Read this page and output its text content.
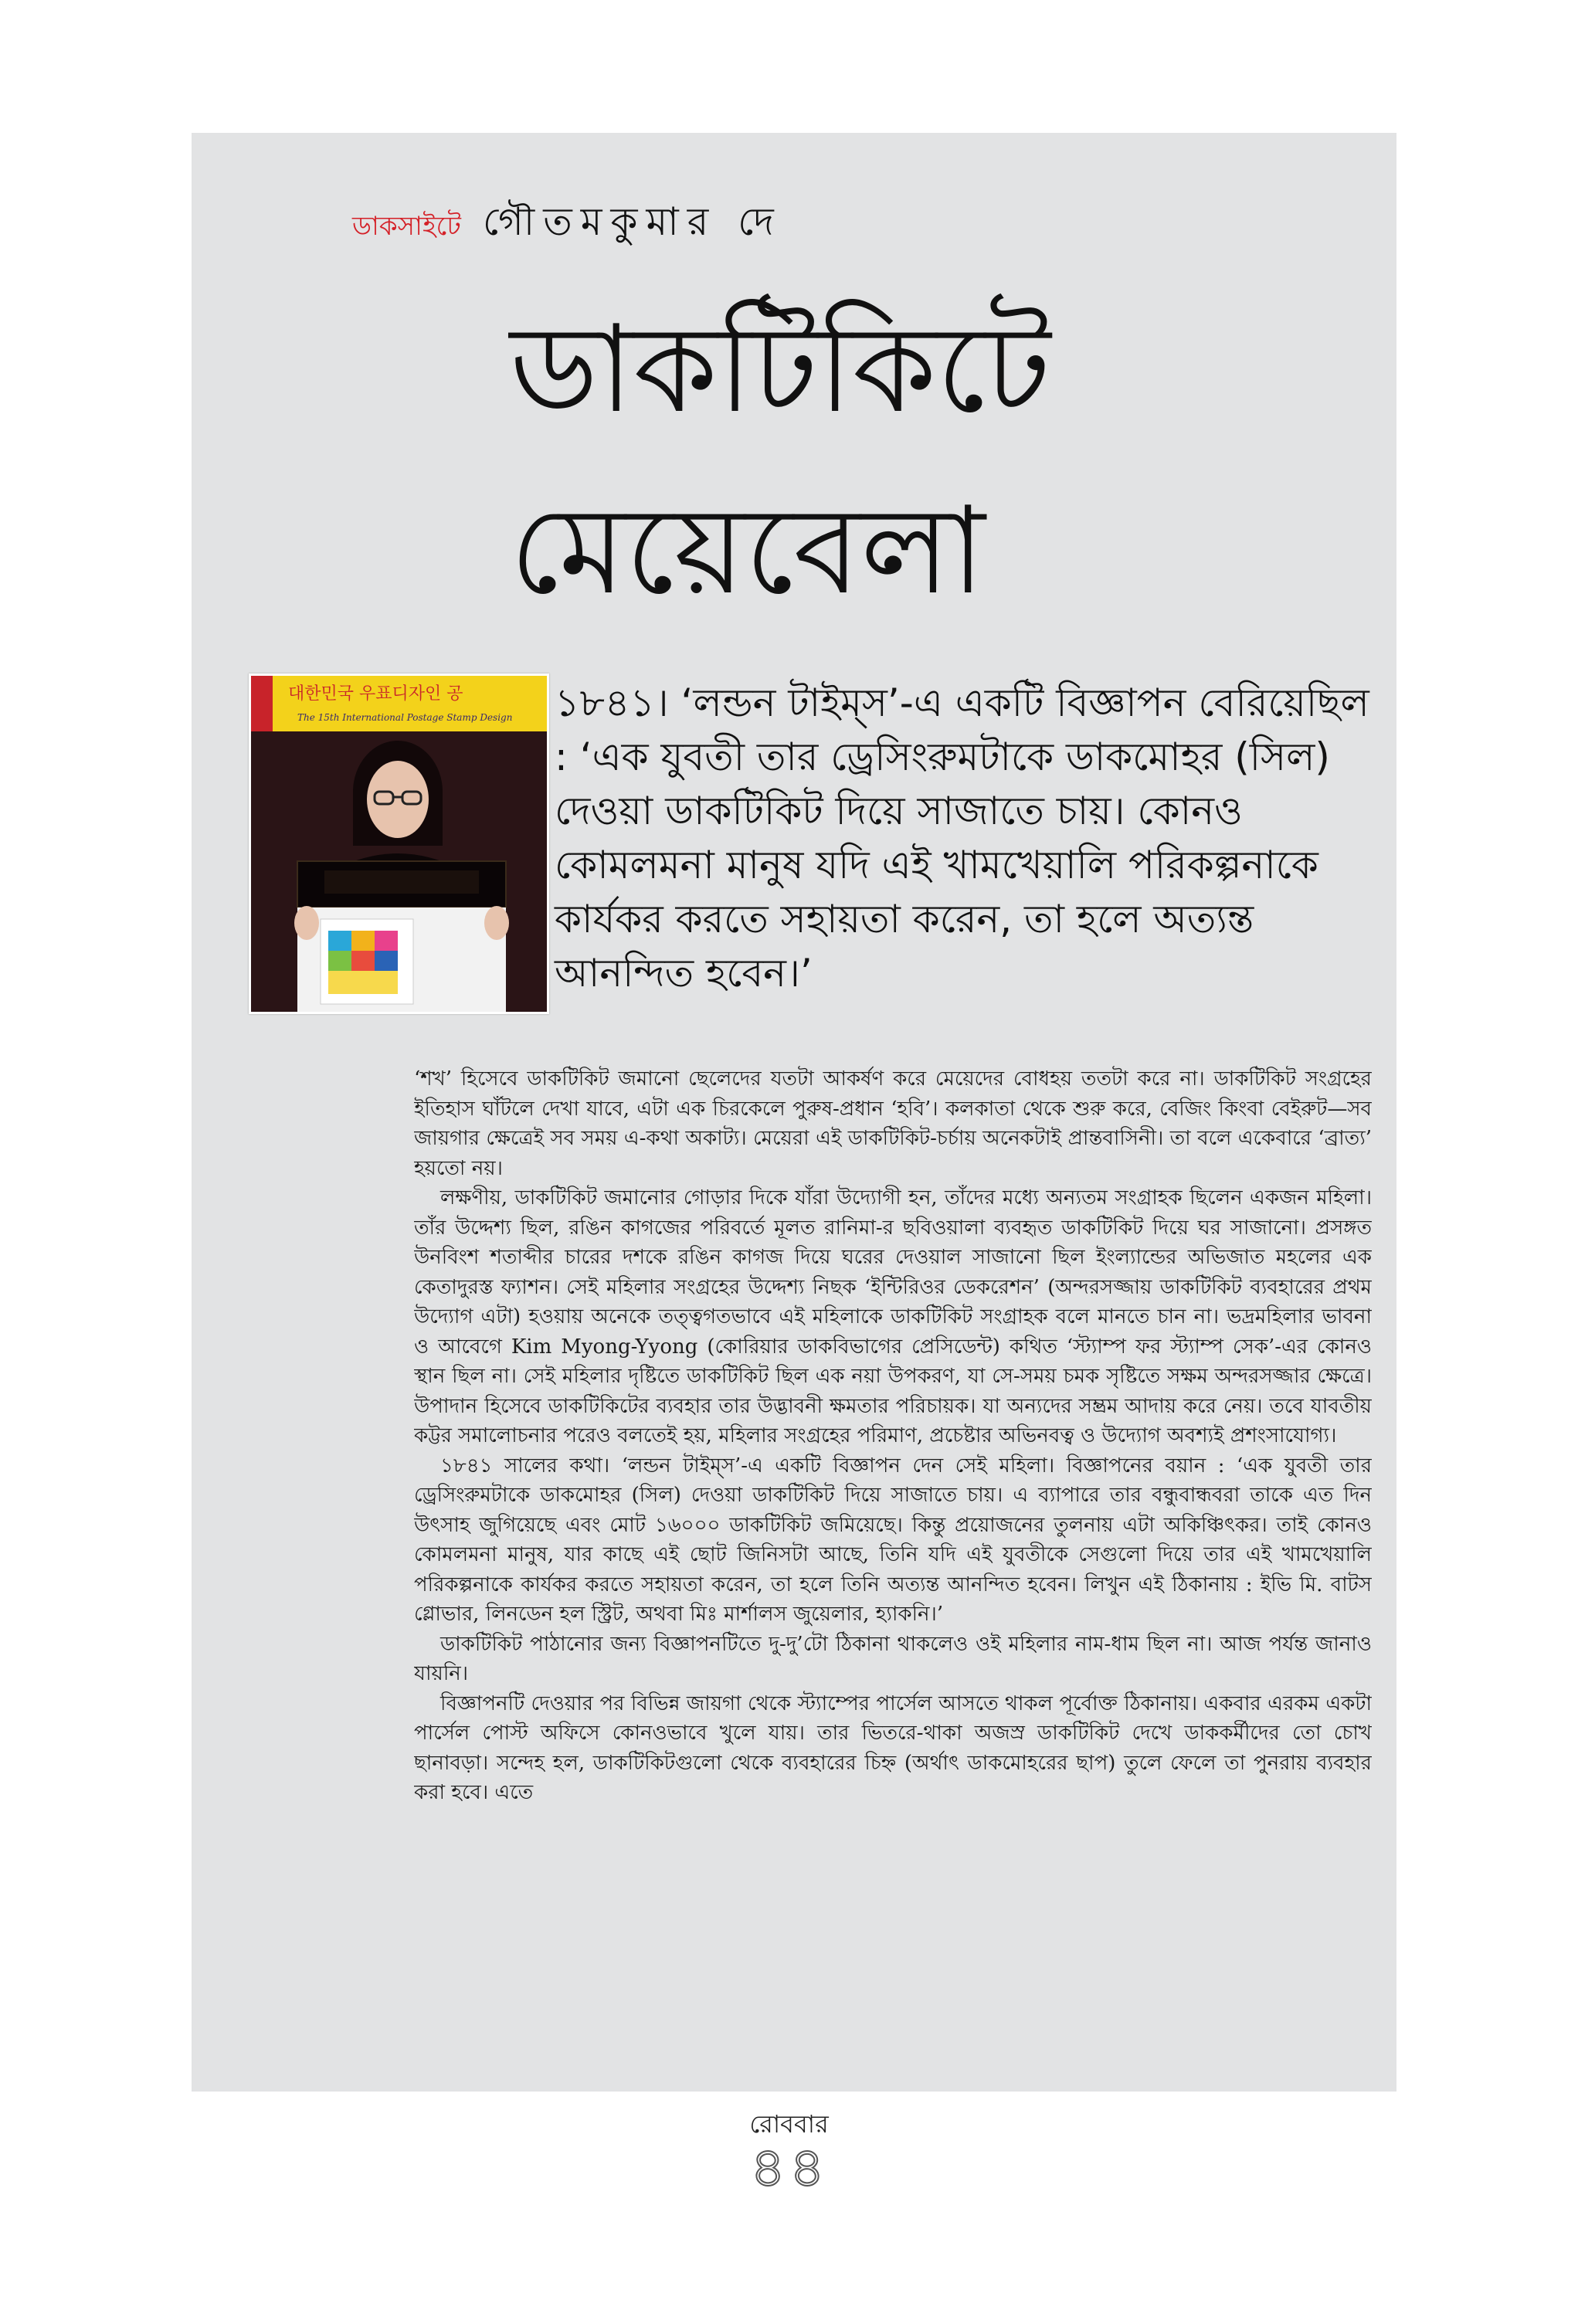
ডাকসাইটে গৌতমকুমার দে
ডাকটিকিটে
মেয়েবেলা
대한민국 우표디자인 공
The 15th International Postage Stamp Design ১৮৪১। ‘লন্ডন টাইম্‌স’-এ একটি বিজ্ঞাপন বেরিয়েছিল : ‘এক যুবতী তার ড্রেসিংরুমটাকে ডাকমোহর (সিল) দেওয়া ডাকটিকিট দিয়ে সাজাতে চায়। কোনও কোমলমনা মানুষ যদি এই খামখেয়ালি পরিকল্পনাকে কার্যকর করতে সহায়তা করেন, তা হলে অত্যন্ত আনন্দিত হবেন।’

‘শখ’ হিসেবে ডাকটিকিট জমানো ছেলেদের যতটা আকর্ষণ করে মেয়েদের বোধহয় ততটা করে না। ডাকটিকিট সংগ্রহের ইতিহাস ঘাঁটলে দেখা যাবে, এটা এক চিরকেলে পুরুষ-প্রধান ‘হবি’। কলকাতা থেকে শুরু করে, বেজিং কিংবা বেইরুট—সব জায়গার ক্ষেত্রেই সব সময় এ-কথা অকাট্য। মেয়েরা এই ডাকটিকিট-চর্চায় অনেকটাই প্রান্তবাসিনী। তা বলে একেবারে ‘ব্রাত্য’ হয়তো নয়।

লক্ষণীয়, ডাকটিকিট জমানোর গোড়ার দিকে যাঁরা উদ্যোগী হন, তাঁদের মধ্যে অন্যতম সংগ্রাহক ছিলেন একজন মহিলা। তাঁর উদ্দেশ্য ছিল, রঙিন কাগজের পরিবর্তে মূলত রানিমা-র ছবিওয়ালা ব্যবহৃত ডাকটিকিট দিয়ে ঘর সাজানো। প্রসঙ্গত উনবিংশ শতাব্দীর চারের দশকে রঙিন কাগজ দিয়ে ঘরের দেওয়াল সাজানো ছিল ইংল্যান্ডের অভিজাত মহলের এক কেতাদুরস্ত ফ্যাশন। সেই মহিলার সংগ্রহের উদ্দেশ্য নিছক ‘ইন্টিরিওর ডেকরেশন’ (অন্দরসজ্জায় ডাকটিকিট ব্যবহারের প্রথম উদ্যোগ এটা) হওয়ায় অনেকে তত্ত্বগতভাবে এই মহিলাকে ডাকটিকিট সংগ্রাহক বলে মানতে চান না। ভদ্রমহিলার ভাবনা ও আবেগে Kim Myong-Yyong (কোরিয়ার ডাকবিভাগের প্রেসিডেন্ট) কথিত ‘স্ট্যাম্প ফর স্ট্যাম্প সেক’-এর কোনও স্থান ছিল না। সেই মহিলার দৃষ্টিতে ডাকটিকিট ছিল এক নয়া উপকরণ, যা সে-সময় চমক সৃষ্টিতে সক্ষম অন্দরসজ্জার ক্ষেত্রে। উপাদান হিসেবে ডাকটিকিটের ব্যবহার তার উদ্ভাবনী ক্ষমতার পরিচায়ক। যা অন্যদের সম্ভ্রম আদায় করে নেয়। তবে যাবতীয় কট্টর সমালোচনার পরেও বলতেই হয়, মহিলার সংগ্রহের পরিমাণ, প্রচেষ্টার অভিনবত্ব ও উদ্যোগ অবশ্যই প্রশংসাযোগ্য।

১৮৪১ সালের কথা। ‘লন্ডন টাইম্‌স’-এ একটি বিজ্ঞাপন দেন সেই মহিলা। বিজ্ঞাপনের বয়ান : ‘এক যুবতী তার ড্রেসিংরুমটাকে ডাকমোহর (সিল) দেওয়া ডাকটিকিট দিয়ে সাজাতে চায়। এ ব্যাপারে তার বন্ধুবান্ধবরা তাকে এত দিন উৎসাহ জুগিয়েছে এবং মোট ১৬০০০ ডাকটিকিট জমিয়েছে। কিন্তু প্রয়োজনের তুলনায় এটা অকিঞ্চিৎকর। তাই কোনও কোমলমনা মানুষ, যার কাছে এই ছোট জিনিসটা আছে, তিনি যদি এই যুবতীকে সেগুলো দিয়ে তার এই খামখেয়ালি পরিকল্পনাকে কার্যকর করতে সহায়তা করেন, তা হলে তিনি অত্যন্ত আনন্দিত হবেন। লিখুন এই ঠিকানায় : ইভি মি. বাটস গ্লোভার, লিনডেন হল স্ট্রিট, অথবা মিঃ মার্শালস জুয়েলার, হ্যাকনি।’

ডাকটিকিট পাঠানোর জন্য বিজ্ঞাপনটিতে দু-দু’টো ঠিকানা থাকলেও ওই মহিলার নাম-ধাম ছিল না। আজ পর্যন্ত জানাও যায়নি।

বিজ্ঞাপনটি দেওয়ার পর বিভিন্ন জায়গা থেকে স্ট্যাম্পের পার্সেল আসতে থাকল পূর্বোক্ত ঠিকানায়। একবার এরকম একটা পার্সেল পোস্ট অফিসে কোনওভাবে খুলে যায়। তার ভিতরে-থাকা অজস্র ডাকটিকিট দেখে ডাককর্মীদের তো চোখ ছানাবড়া। সন্দেহ হল, ডাকটিকিটগুলো থেকে ব্যবহারের চিহ্ন (অর্থাৎ ডাকমোহরের ছাপ) তুলে ফেলে তা পুনরায় ব্যবহার করা হবে। এতে

রোববার
৪৪
